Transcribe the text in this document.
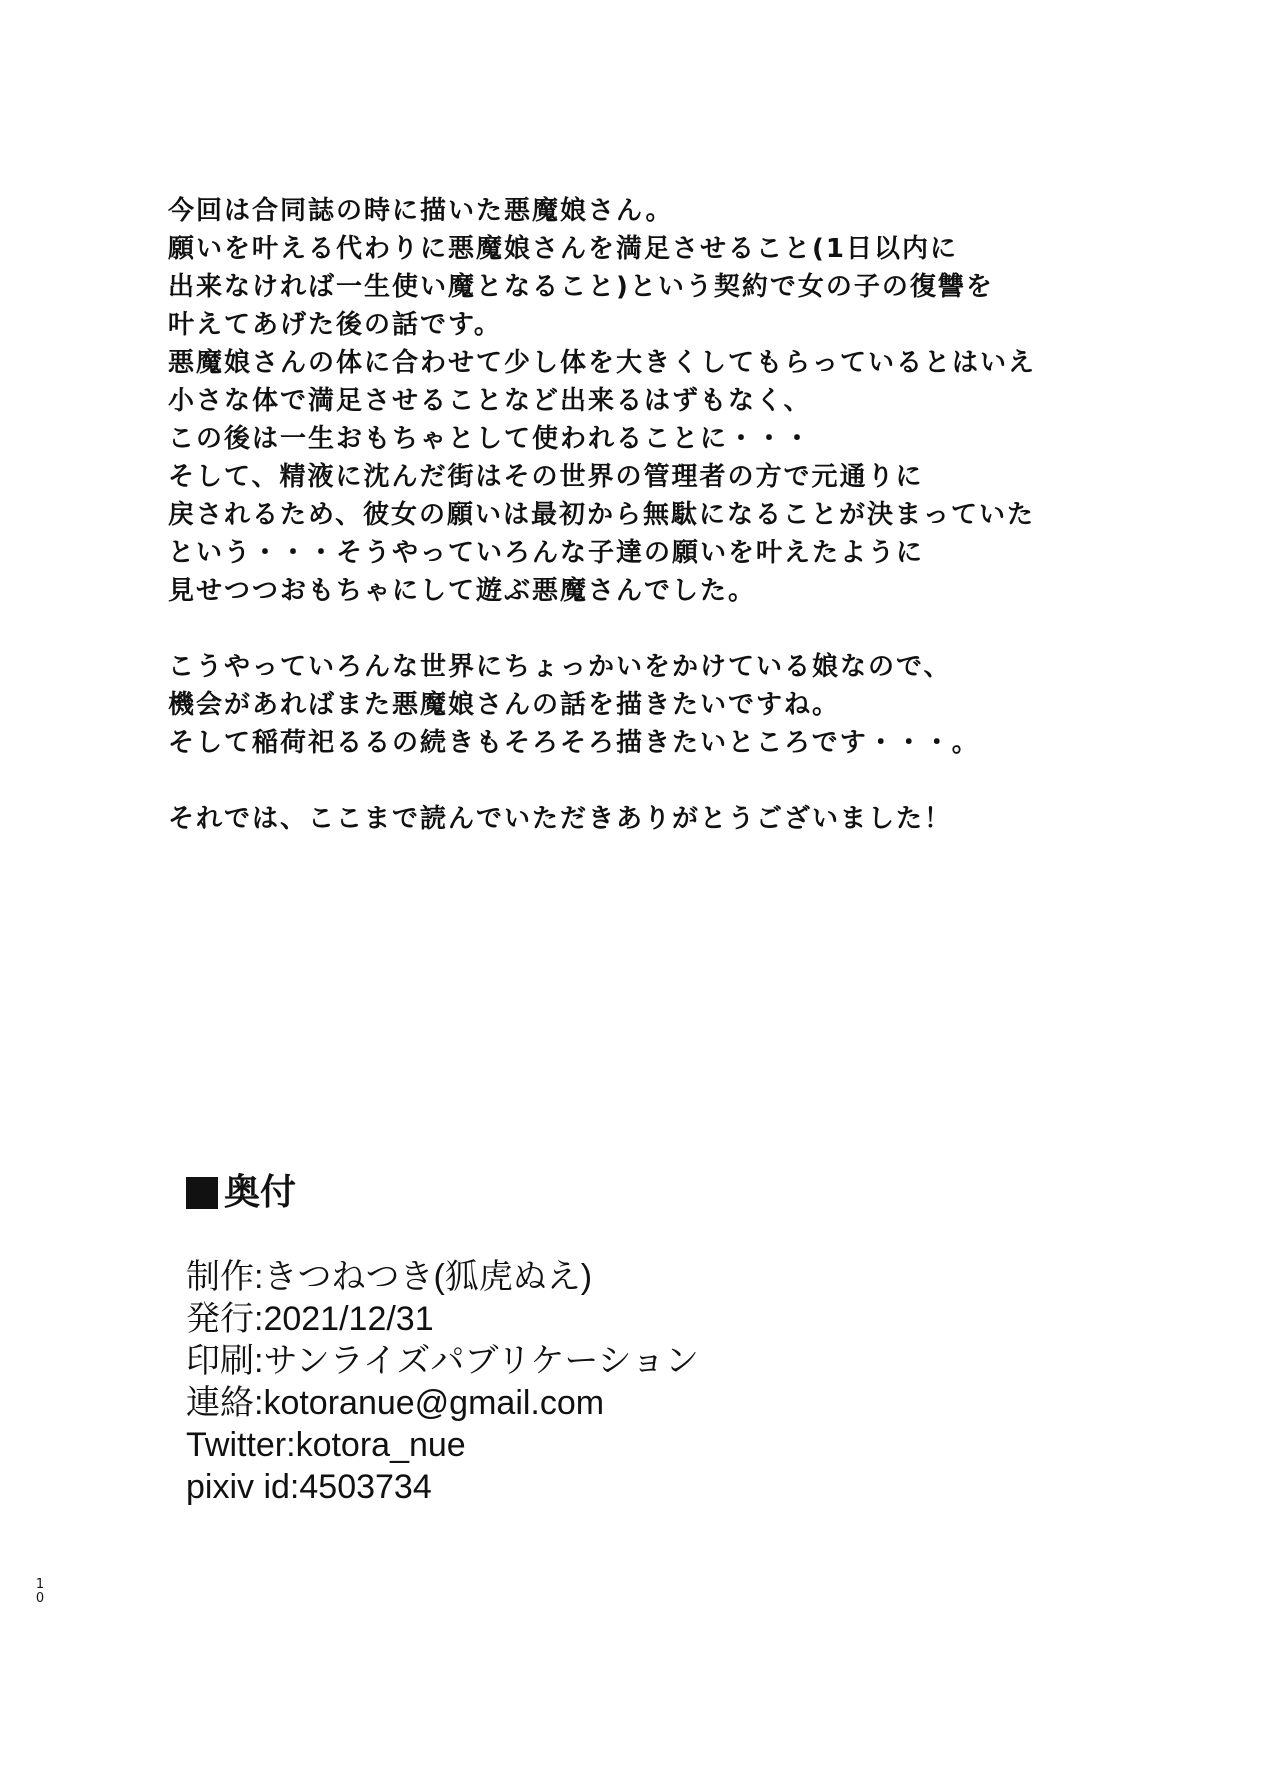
今回は合同誌の時に描いた悪魔娘さん。
願いを叶える代わりに悪魔娘さんを満足させること(1日以内に
出来なければ一生使い魔となること)という契約で女の子の復讐を
叶えてあげた後の話です。
悪魔娘さんの体に合わせて少し体を大きくしてもらっているとはいえ
小さな体で満足させることなど出来るはずもなく、
この後は一生おもちゃとして使われることに・・・
そして、精液に沈んだ街はその世界の管理者の方で元通りに
戻されるため、彼女の願いは最初から無駄になることが決まっていた
という・・・そうやっていろんな子達の願いを叶えたように
見せつつおもちゃにして遊ぶ悪魔さんでした。
こうやっていろんな世界にちょっかいをかけている娘なので、
機会があればまた悪魔娘さんの話を描きたいですね。
そして稲荷祀るるの続きもそろそろ描きたいところです・・・。
それでは、ここまで読んでいただきありがとうございました！
奥付
制作:きつねつき(狐虎ぬえ)
発行:2021/12/31
印刷:サンライズパブリケーション
連絡:kotoranue@gmail.com
Twitter:kotora_nue
pixiv id:4503734
10
